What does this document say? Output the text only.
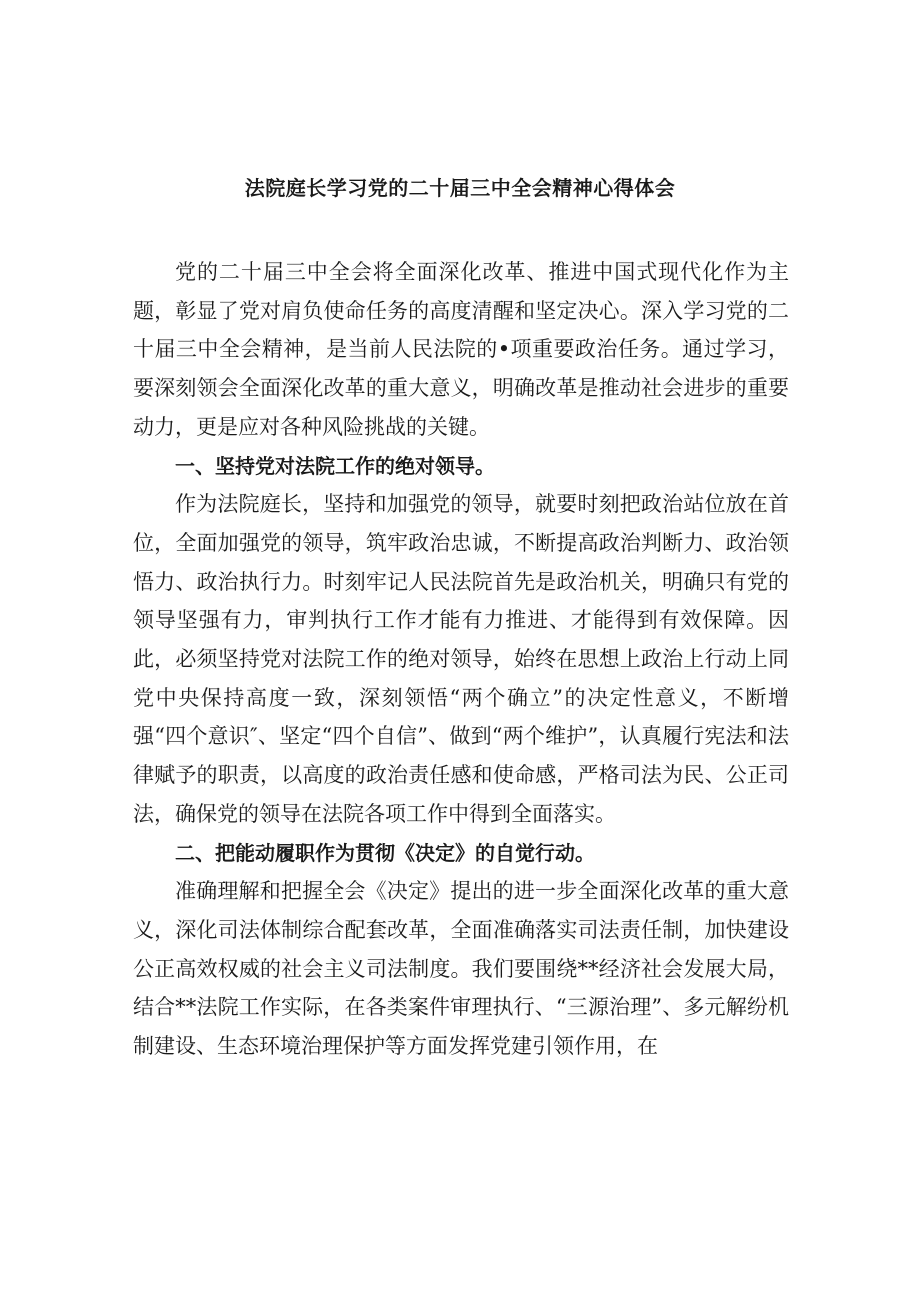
法院庭长学习党的二十届三中全会精神心得体会

党的二十届三中全会将全面深化改革、推进中国式现代化作为主题，彰显了党对肩负使命任务的高度清醒和坚定决心。深入学习党的二十届三中全会精神，是当前人民法院的•项重要政治任务。通过学习，要深刻领会全面深化改革的重大意义，明确改革是推动社会进步的重要动力，更是应对各种风险挑战的关键。

一、坚持党对法院工作的绝对领导。

作为法院庭长，坚持和加强党的领导，就要时刻把政治站位放在首位，全面加强党的领导，筑牢政治忠诚，不断提高政治判断力、政治领悟力、政治执行力。时刻牢记人民法院首先是政治机关，明确只有党的领导坚强有力，审判执行工作才能有力推进、才能得到有效保障。因此，必须坚持党对法院工作的绝对领导，始终在思想上政治上行动上同党中央保持高度一致，深刻领悟“两个确立”的决定性意义，不断增强“四个意识″、坚定“四个自信”、做到“两个维护”，认真履行宪法和法律赋予的职责，以高度的政治责任感和使命感，严格司法为民、公正司法，确保党的领导在法院各项工作中得到全面落实。

二、把能动履职作为贯彻《决定》的自觉行动。

准确理解和把握全会《决定》提出的进一步全面深化改革的重大意义，深化司法体制综合配套改革，全面准确落实司法责任制，加快建设公正高效权威的社会主义司法制度。我们要围绕**经济社会发展大局，结合**法院工作实际，在各类案件审理执行、“三源治理”、多元解纷机制建设、生态环境治理保护等方面发挥党建引领作用，在
